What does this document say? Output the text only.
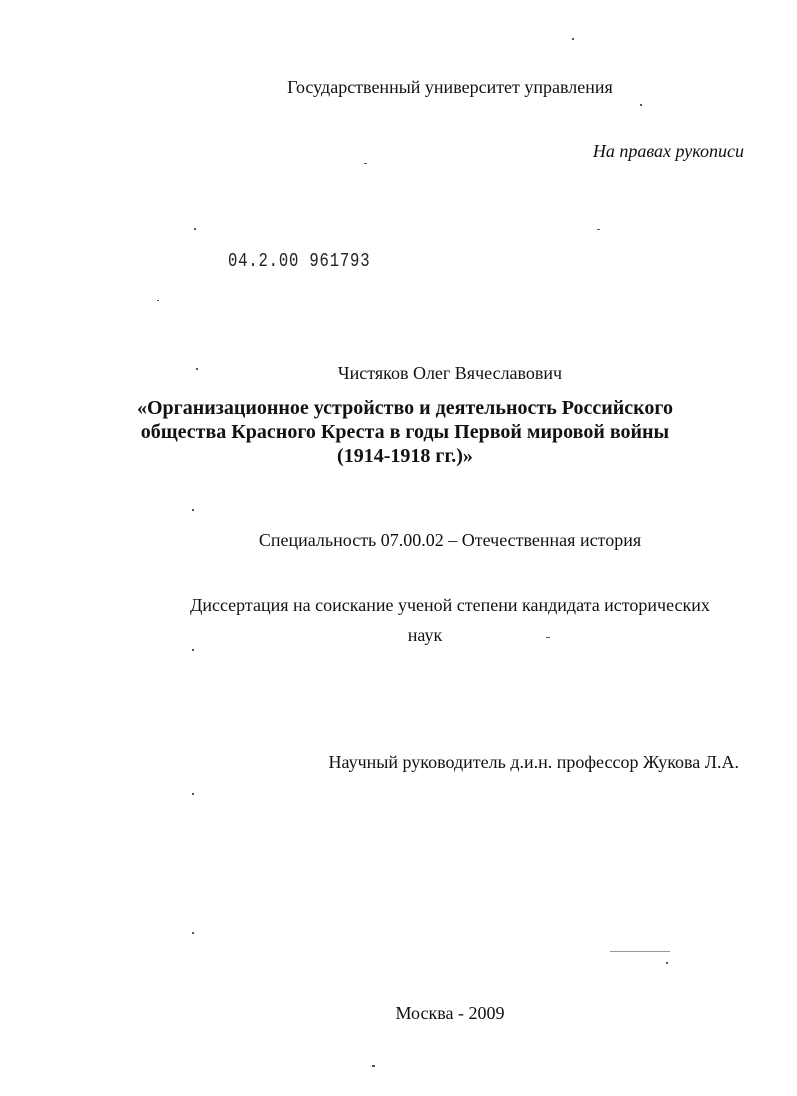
Государственный университет управления
На правах рукописи
04.2.00 961793
Чистяков Олег Вячеславович
«Организационное устройство и деятельность Российского
общества Красного Креста в годы Первой мировой войны
(1914-1918 гг.)»
Специальность 07.00.02 – Отечественная история
Диссертация на соискание ученой степени кандидата исторических
наук
Научный руководитель д.и.н. профессор Жукова Л.А.
Москва - 2009
